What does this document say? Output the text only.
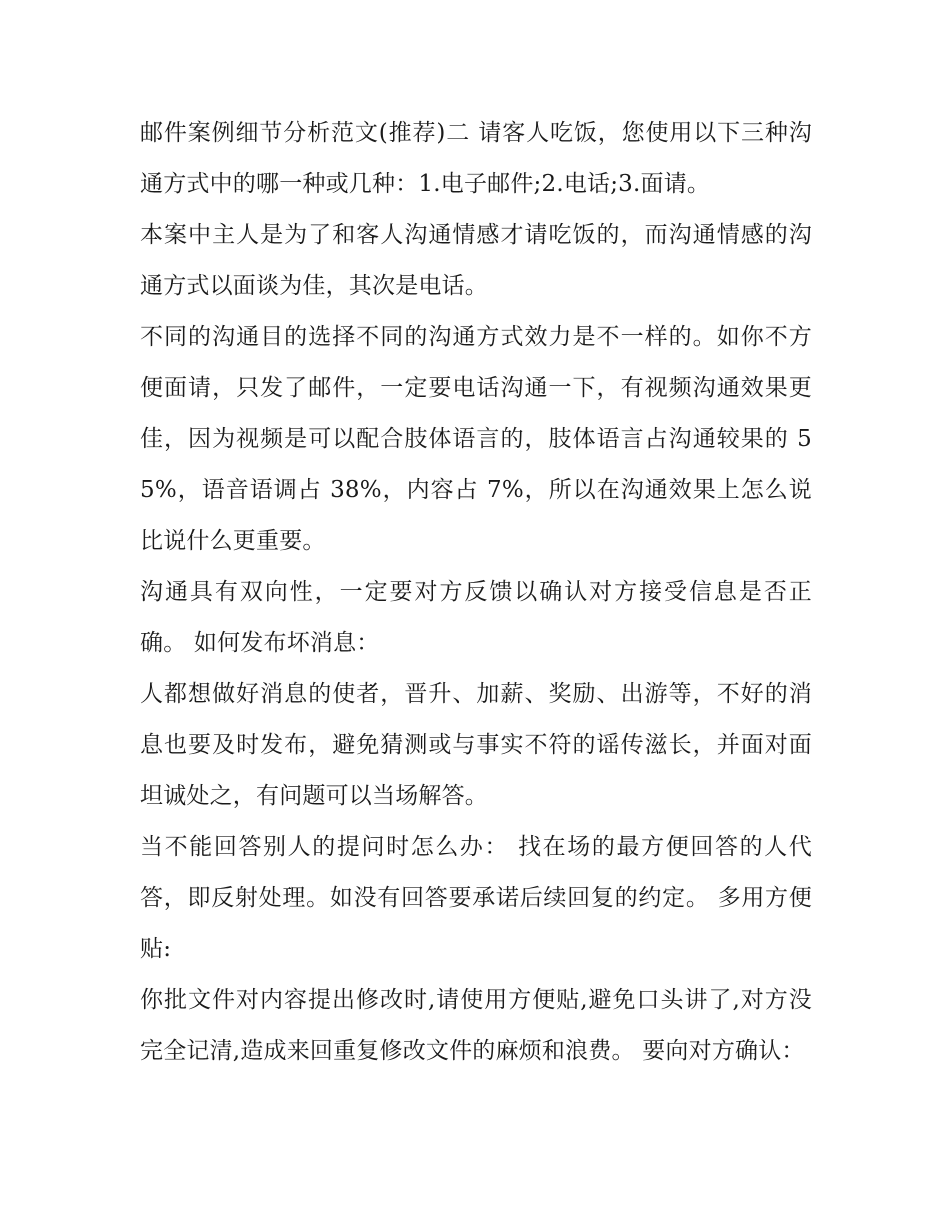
邮件案例细节分析范文(推荐)二 请客人吃饭，您使用以下三种沟通方式中的哪一种或几种：1.电子邮件;2.电话;3.面请。

本案中主人是为了和客人沟通情感才请吃饭的，而沟通情感的沟通方式以面谈为佳，其次是电话。

不同的沟通目的选择不同的沟通方式效力是不一样的。如你不方便面请，只发了邮件，一定要电话沟通一下，有视频沟通效果更佳，因为视频是可以配合肢体语言的，肢体语言占沟通较果的 55%，语音语调占 38%，内容占 7%，所以在沟通效果上怎么说比说什么更重要。

沟通具有双向性，一定要对方反馈以确认对方接受信息是否正确。 如何发布坏消息：

人都想做好消息的使者，晋升、加薪、奖励、出游等，不好的消息也要及时发布，避免猜测或与事实不符的谣传滋长，并面对面坦诚处之，有问题可以当场解答。

当不能回答别人的提问时怎么办： 找在场的最方便回答的人代答，即反射处理。如没有回答要承诺后续回复的约定。 多用方便贴:

你批文件对内容提出修改时,请使用方便贴,避免口头讲了,对方没完全记清,造成来回重复修改文件的麻烦和浪费。 要向对方确认：
